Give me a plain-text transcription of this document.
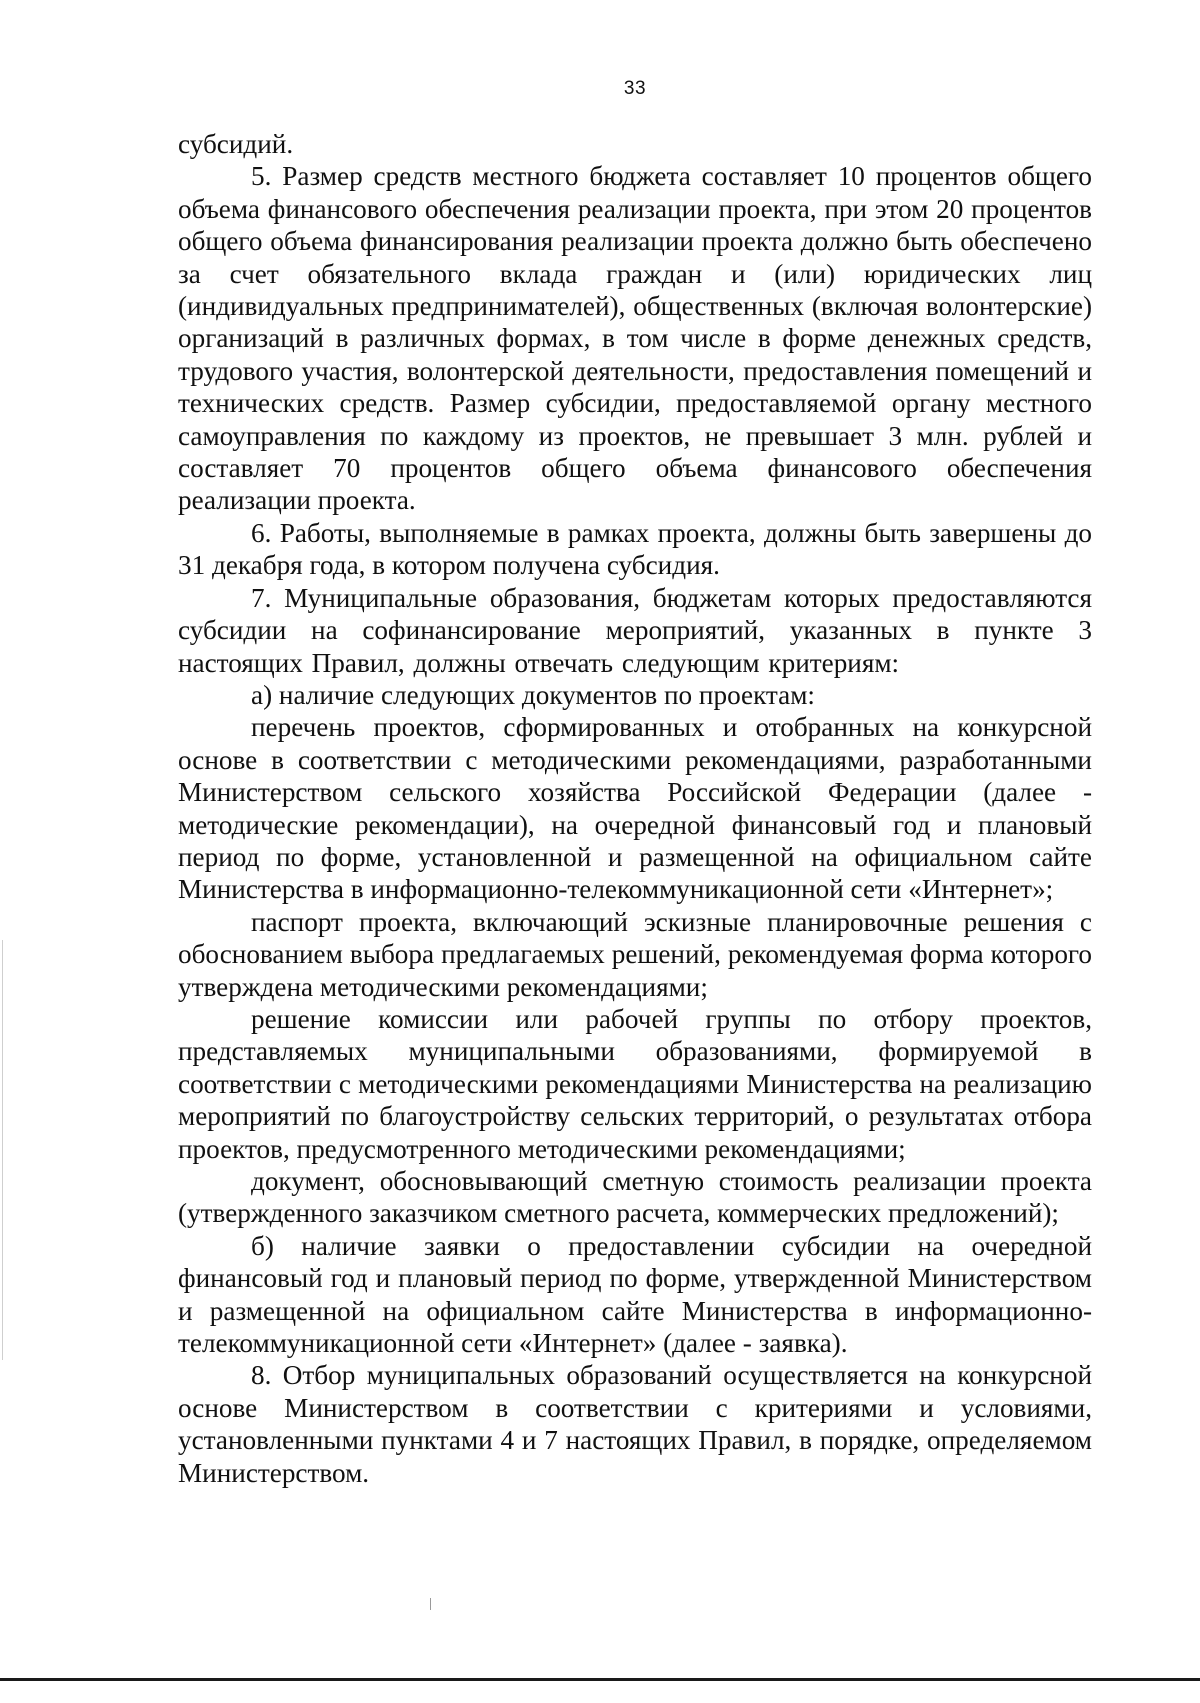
33

субсидий.

5. Размер средств местного бюджета составляет 10 процентов общего объема финансового обеспечения реализации проекта, при этом 20 процентов общего объема финансирования реализации проекта должно быть обеспечено за счет обязательного вклада граждан и (или) юридических лиц (индивидуальных предпринимателей), общественных (включая волонтерские) организаций в различных формах, в том числе в форме денежных средств, трудового участия, волонтерской деятельности, предоставления помещений и технических средств. Размер субсидии, предоставляемой органу местного самоуправления по каждому из проектов, не превышает 3 млн. рублей и составляет 70 процентов общего объема финансового обеспечения реализации проекта.

6. Работы, выполняемые в рамках проекта, должны быть завершены до 31 декабря года, в котором получена субсидия.

7. Муниципальные образования, бюджетам которых предоставляются субсидии на софинансирование мероприятий, указанных в пункте 3 настоящих Правил, должны отвечать следующим критериям:

а) наличие следующих документов по проектам:

перечень проектов, сформированных и отобранных на конкурсной основе в соответствии с методическими рекомендациями, разработанными Министерством сельского хозяйства Российской Федерации (далее - методические рекомендации), на очередной финансовый год и плановый период по форме, установленной и размещенной на официальном сайте Министерства в информационно-телекоммуникационной сети «Интернет»;

паспорт проекта, включающий эскизные планировочные решения с обоснованием выбора предлагаемых решений, рекомендуемая форма которого утверждена методическими рекомендациями;

решение комиссии или рабочей группы по отбору проектов, представляемых муниципальными образованиями, формируемой в соответствии с методическими рекомендациями Министерства на реализацию мероприятий по благоустройству сельских территорий, о результатах отбора проектов, предусмотренного методическими рекомендациями;

документ, обосновывающий сметную стоимость реализации проекта (утвержденного заказчиком сметного расчета, коммерческих предложений);

б) наличие заявки о предоставлении субсидии на очередной финансовый год и плановый период по форме, утвержденной Министерством и размещенной на официальном сайте Министерства в информационно-телекоммуникационной сети «Интернет» (далее - заявка).

8. Отбор муниципальных образований осуществляется на конкурсной основе Министерством в соответствии с критериями и условиями, установленными пунктами 4 и 7 настоящих Правил, в порядке, определяемом Министерством.
